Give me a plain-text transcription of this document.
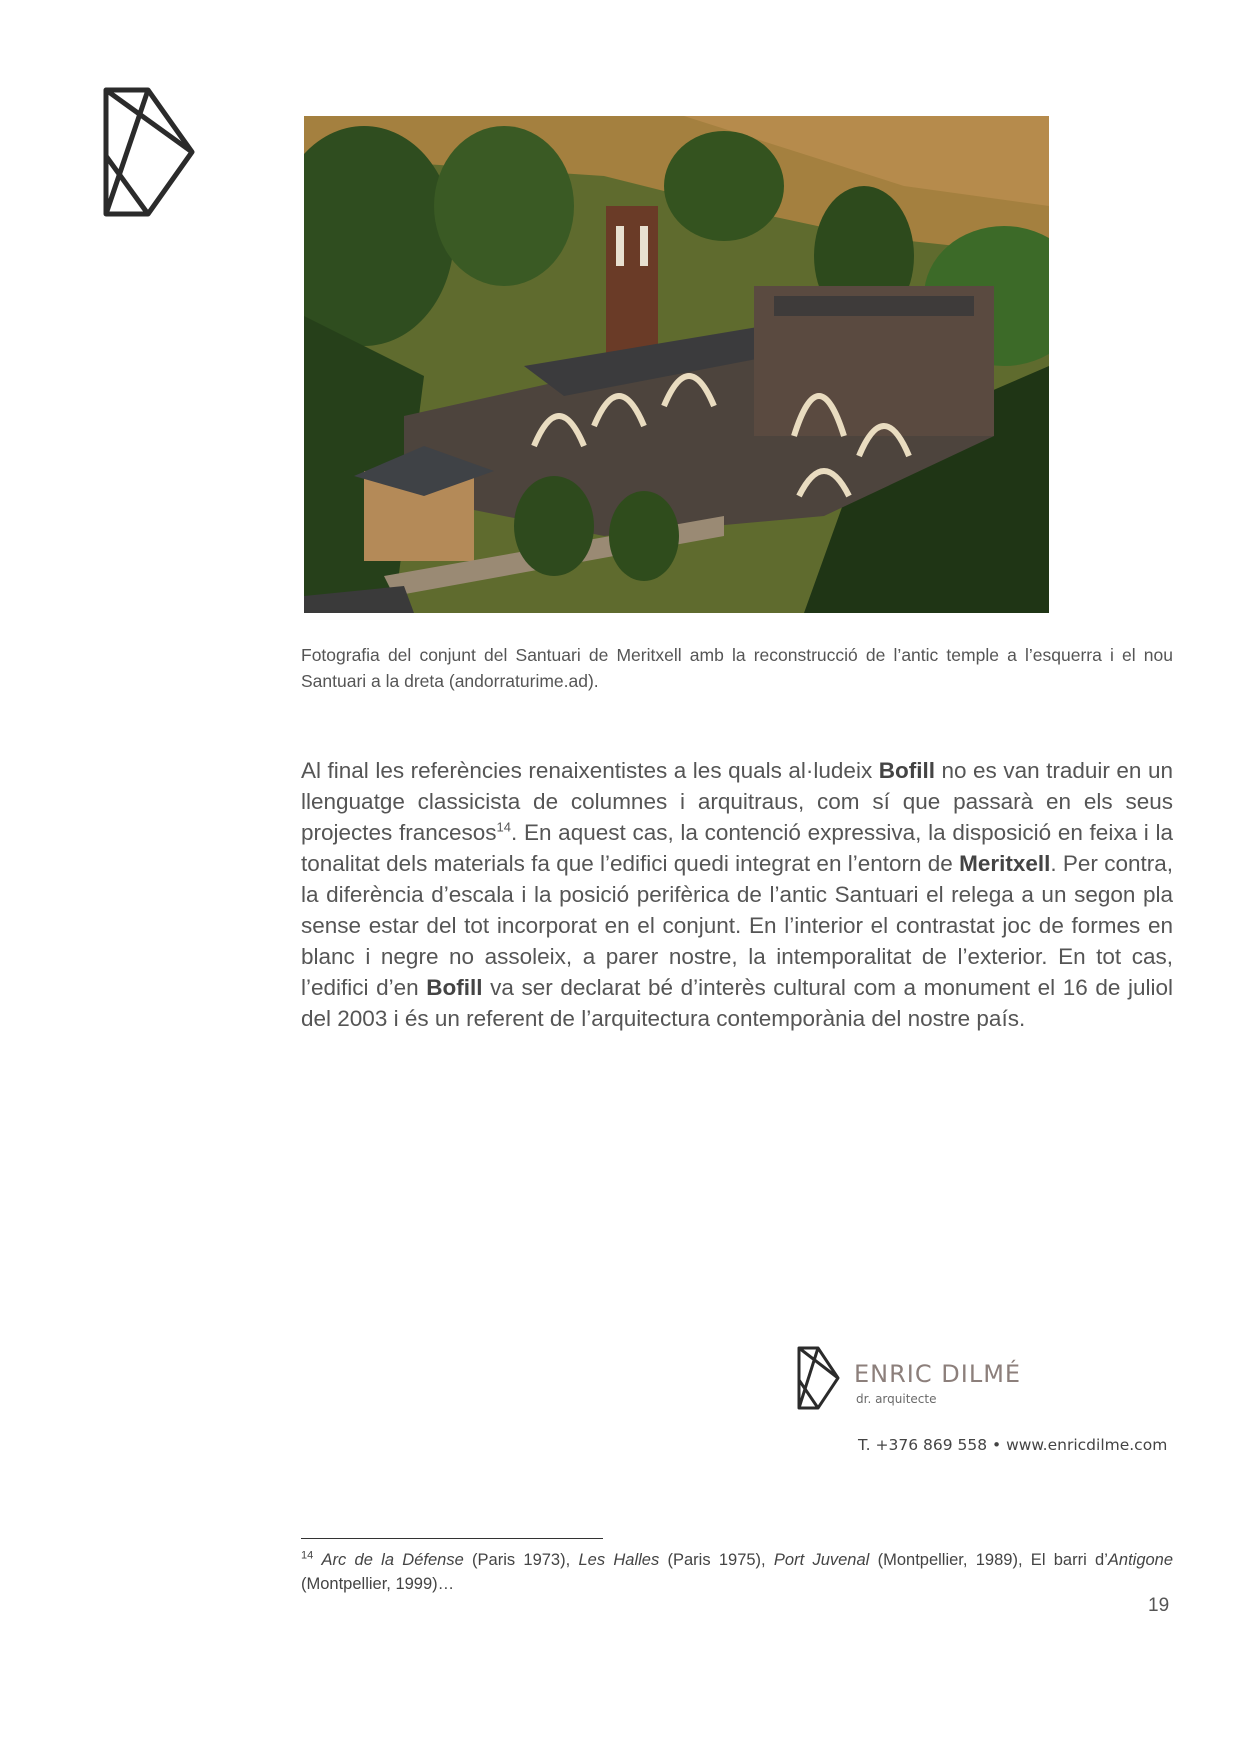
Fotografia del conjunt del Santuari de Meritxell amb la reconstrucció de l’antic temple a l’esquerra i el nou Santuari a la dreta (andorraturime.ad).
Al final les referències renaixentistes a les quals al·ludeix Bofill no es van traduir en un llenguatge classicista de columnes i arquitraus, com sí que passarà en els seus projectes francesos$^{14}$. En aquest cas, la contenció expressiva, la disposició en feixa i la tonalitat dels materials fa que l’edifici quedi integrat en l’entorn de Meritxell. Per contra, la diferència d’escala i la posició perifèrica de l’antic Santuari el relega a un segon pla sense estar del tot incorporat en el conjunt. En l’interior el contrastat joc de formes en blanc i negre no assoleix, a parer nostre, la intemporalitat de l’exterior. En tot cas, l’edifici d’en Bofill va ser declarat bé d’interès cultural com a monument el 16 de juliol del 2003 i és un referent de l’arquitectura contemporània del nostre país.
ENRIC DILMÉ
dr. arquitecte
T. +376 869 558 • www.enricdilme.com
$^{14}$ Arc de la Défense (Paris 1973), Les Halles (Paris 1975), Port Juvenal (Montpellier, 1989), El barri d’Antigone (Montpellier, 1999)…
19
